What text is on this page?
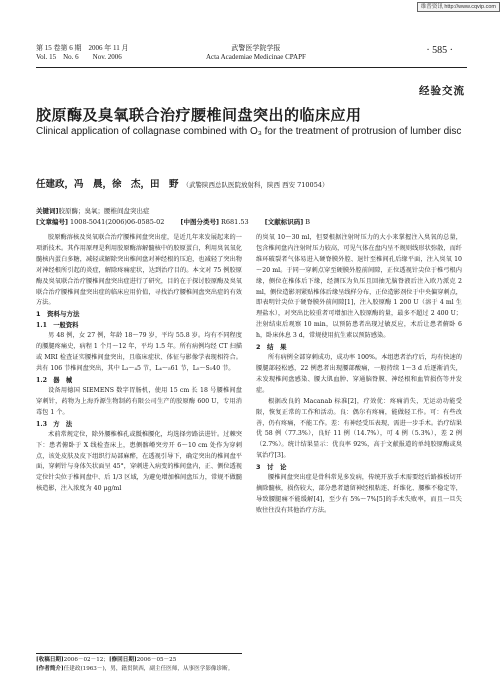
维普资讯 http://www.cqvip.com
第 15 卷第 6 期　2006 年 11 月
Vol. 15　No. 6　　Nov. 2006
武警医学院学报
Acta Academiae Medicinae CPAPF
· 585 ·
经验交流
胶原酶及臭氧联合治疗腰椎间盘突出的临床应用
Clinical application of collagnase combined with O₃ for the treatment of protrusion of lumber disc
任建政，冯　晨，徐　杰，田　野 （武警陕西总队医院放射科，陕西 西安 710054）
关键词]胶原酶；臭氧；腰椎间盘突出症
[文章编号] 1008-5041(2006)06-0585-02 [中图分类号] R681.53 [文献标识码] B

胶原酶溶核及臭氧联合治疗腰椎间盘突出症，是近几年来发展起来的一项新技术。其作用原理是利用胶原酶溶解髓核中的胶原蛋白，利用臭氧氧化髓核内蛋白多糖，减轻或解除突出椎间盘对神经根的压迫，也减轻了突出物对神经根所引起的炎症，解除疼痛症状，达到治疗目的。本文对 75 例胶原酶及臭氧联合治疗腰椎间盘突出症进行了研究，目的在于探讨胶原酶及臭氧联合治疗腰椎间盘突出症的临床应用价值，寻找治疗腰椎间盘突出症的有效方法。

1　资料与方法
1.1　一般资料

男 48 例，女 27 例，年龄 18～79 岁，平均 55.8 岁。均有不同程度的腰腿疼痛史，病程 1 个月～12 年，平均 1.5 年。所有病例均经 CT 扫描或 MRI 检查证实腰椎间盘突出，且临床症状、体征与影像学表现相符合。共有 106 节椎间盘突出，其中 L₃～₄5 节，L₄～₅61 节，L₅～S₁40 节。

1.2　器　械

设备用德国 SIEMENS 数字胃肠机，使用 15 cm 长 18 号腰椎间盘穿刺针，药物为上海乔源生物制药有限公司生产的胶原酶 600 U，专用消毒包 1 个。

1.3　方　法

术前常规定位，除外腰椎椎孔或骶椎腰化，均选择旁路法进针。过棘突下：患者俯卧于 X 线检查床上，患侧髂嵴突旁开 6～10 cm 处作为穿刺点，该处皮肤及皮下组织行局部麻醉，在透视引导下，确定突出的椎间盘平面，穿刺针与身体矢状面呈 45°，穿刺进入病变的椎间盘内，正、侧位透视定位针尖位于椎间盘中、后 1/3 区域，为避免增加椎间盘压力，常规不做髓核造影，注入浓度为 40 μg/ml

的臭氧 10～30 ml，但要根据注射时压力的大小来掌握注入臭氧的总量，包含椎间盘内注射时压力较高，可见气体在盘内呈不规则线形状弥散，而纤维环破裂者气体易进入硬脊膜外腔、退针至椎间孔后缘平面，注入臭氧 10～20 ml。于同一穿刺点穿至硬膜外腔前间隙，正位透视针尖位于椎弓根内缘，侧位在椎体后下缘，经测压为负压且回抽无脑脊液后注入欧乃派克 2 ml，侧位造影剂紧贴椎体后缘呈线样分布，正位造影剂位于中央偏穿刺点，即表明针尖位于硬脊膜外前间隙[1]，注入胶原酶 1 200 U（溶于 4 ml 生理盐水），对突出比较重者可增加注入胶原酶的量，最多不超过 2 400 U；注射结束后观察 10 min，以预防患者出现过敏反应，术后让患者俯卧 6 h，卧床休息 3 d，常规使用抗生素以预防感染。

2　结　果

所有病例全部穿刺成功，成功率 100%。本组患者治疗后，均有快速的腰腿部轻松感，22 例患者出现腰部酸痛，一般持续 1～3 d 后逐渐消失，未发现椎间盘感染、腰大肌血肿、穿通脑脊膜、神经根和血管损伤等并发症。

根据改良的 Macanab 标准[2]，疗效优：疼痛消失，无运动功能受限，恢复正常的工作和活动。良：偶尔有疼痛，能做轻工作。可：有些改善，仍有疼痛，不能工作。差：有神经受压表现，需进一步手术。治疗结果优 58 例（77.3%），良好 11 例（14.7%），可 4 例（5.3%），差 2 例（2.7%）。统计结果显示：优良率 92%，高于文献报道的单纯胶原酶或臭氧治疗[3]。

3　讨　论

腰椎间盘突出症是骨科常见多发病，传统开放手术需要经后路推板切开摘除髓核，损伤较大，部分患者遗留神经根粘连、纤维化、腰椎不稳定等，导致腰腿痛不能缓解[4]，至少有 5%～7%[5]的手术失败率，而且一旦失败往往没有其他治疗方法。

[收稿日期]2006－02－12；[修回日期]2006－05－25
[作者简介]任建政(1963－)，男，籍贯陕西，副主任医师，从事医学影像诊断。
